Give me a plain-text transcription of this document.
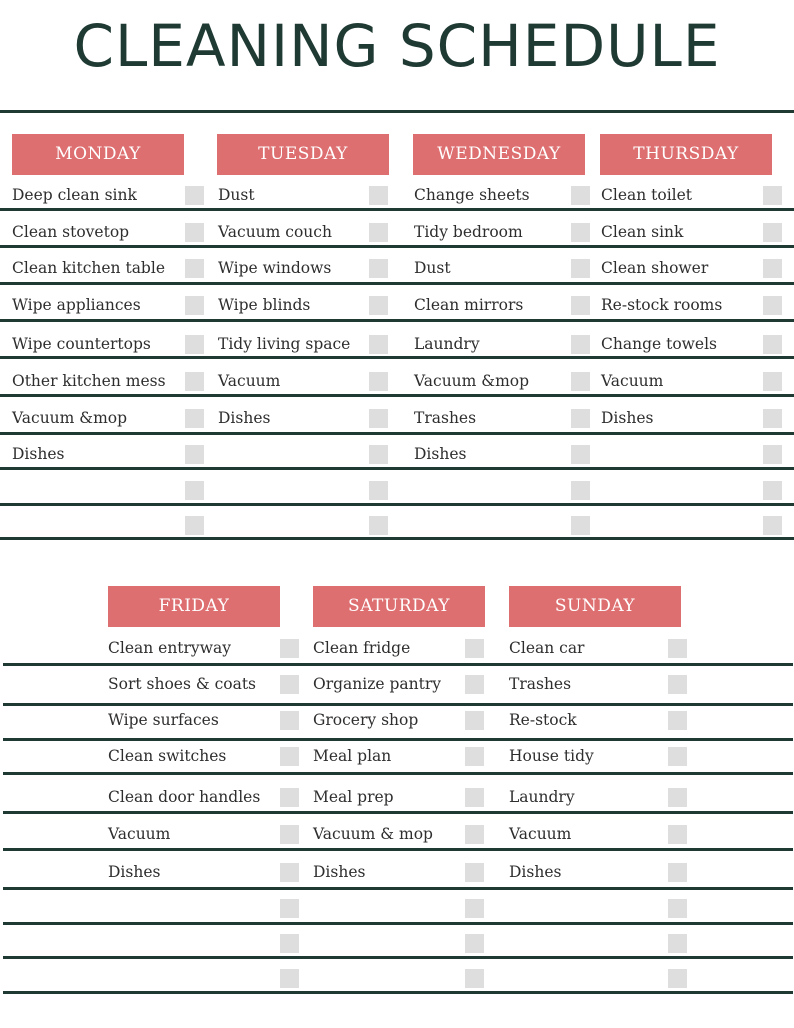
CLEANING SCHEDULE
MONDAY
Deep clean sink
Clean stovetop
Clean kitchen table
Wipe appliances
Wipe countertops
Other kitchen mess
Vacuum &mop
Dishes
TUESDAY
Dust
Vacuum couch
Wipe windows
Wipe blinds
Tidy living space
Vacuum
Dishes
WEDNESDAY
Change sheets
Tidy bedroom
Dust
Clean mirrors
Laundry
Vacuum &mop
Trashes
Dishes
THURSDAY
Clean toilet
Clean sink
Clean shower
Re-stock rooms
Change towels
Vacuum
Dishes
FRIDAY
Clean entryway
Sort shoes & coats
Wipe surfaces
Clean switches
Clean door handles
Vacuum
Dishes
SATURDAY
Clean fridge
Organize pantry
Grocery shop
Meal plan
Meal prep
Vacuum & mop
Dishes
SUNDAY
Clean car
Trashes
Re-stock
House tidy
Laundry
Vacuum
Dishes
